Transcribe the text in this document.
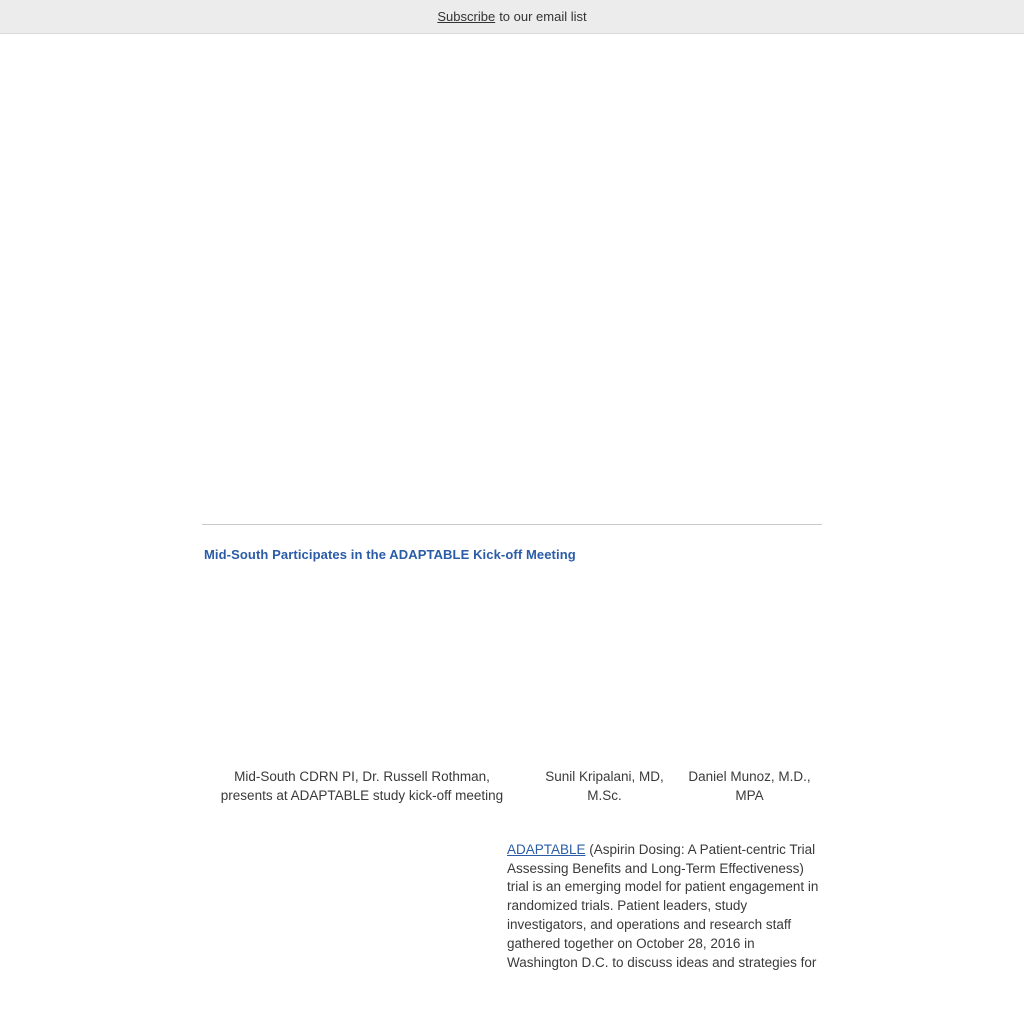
Subscribe to our email list
Mid-South Participates in the ADAPTABLE Kick-off Meeting
Mid-South CDRN PI, Dr. Russell Rothman, presents at ADAPTABLE study kick-off meeting
Sunil Kripalani, MD, M.Sc.
Daniel Munoz, M.D., MPA
ADAPTABLE (Aspirin Dosing: A Patient-centric Trial Assessing Benefits and Long-Term Effectiveness) trial is an emerging model for patient engagement in randomized trials. Patient leaders, study investigators, and operations and research staff gathered together on October 28, 2016 in Washington D.C. to discuss ideas and strategies for
